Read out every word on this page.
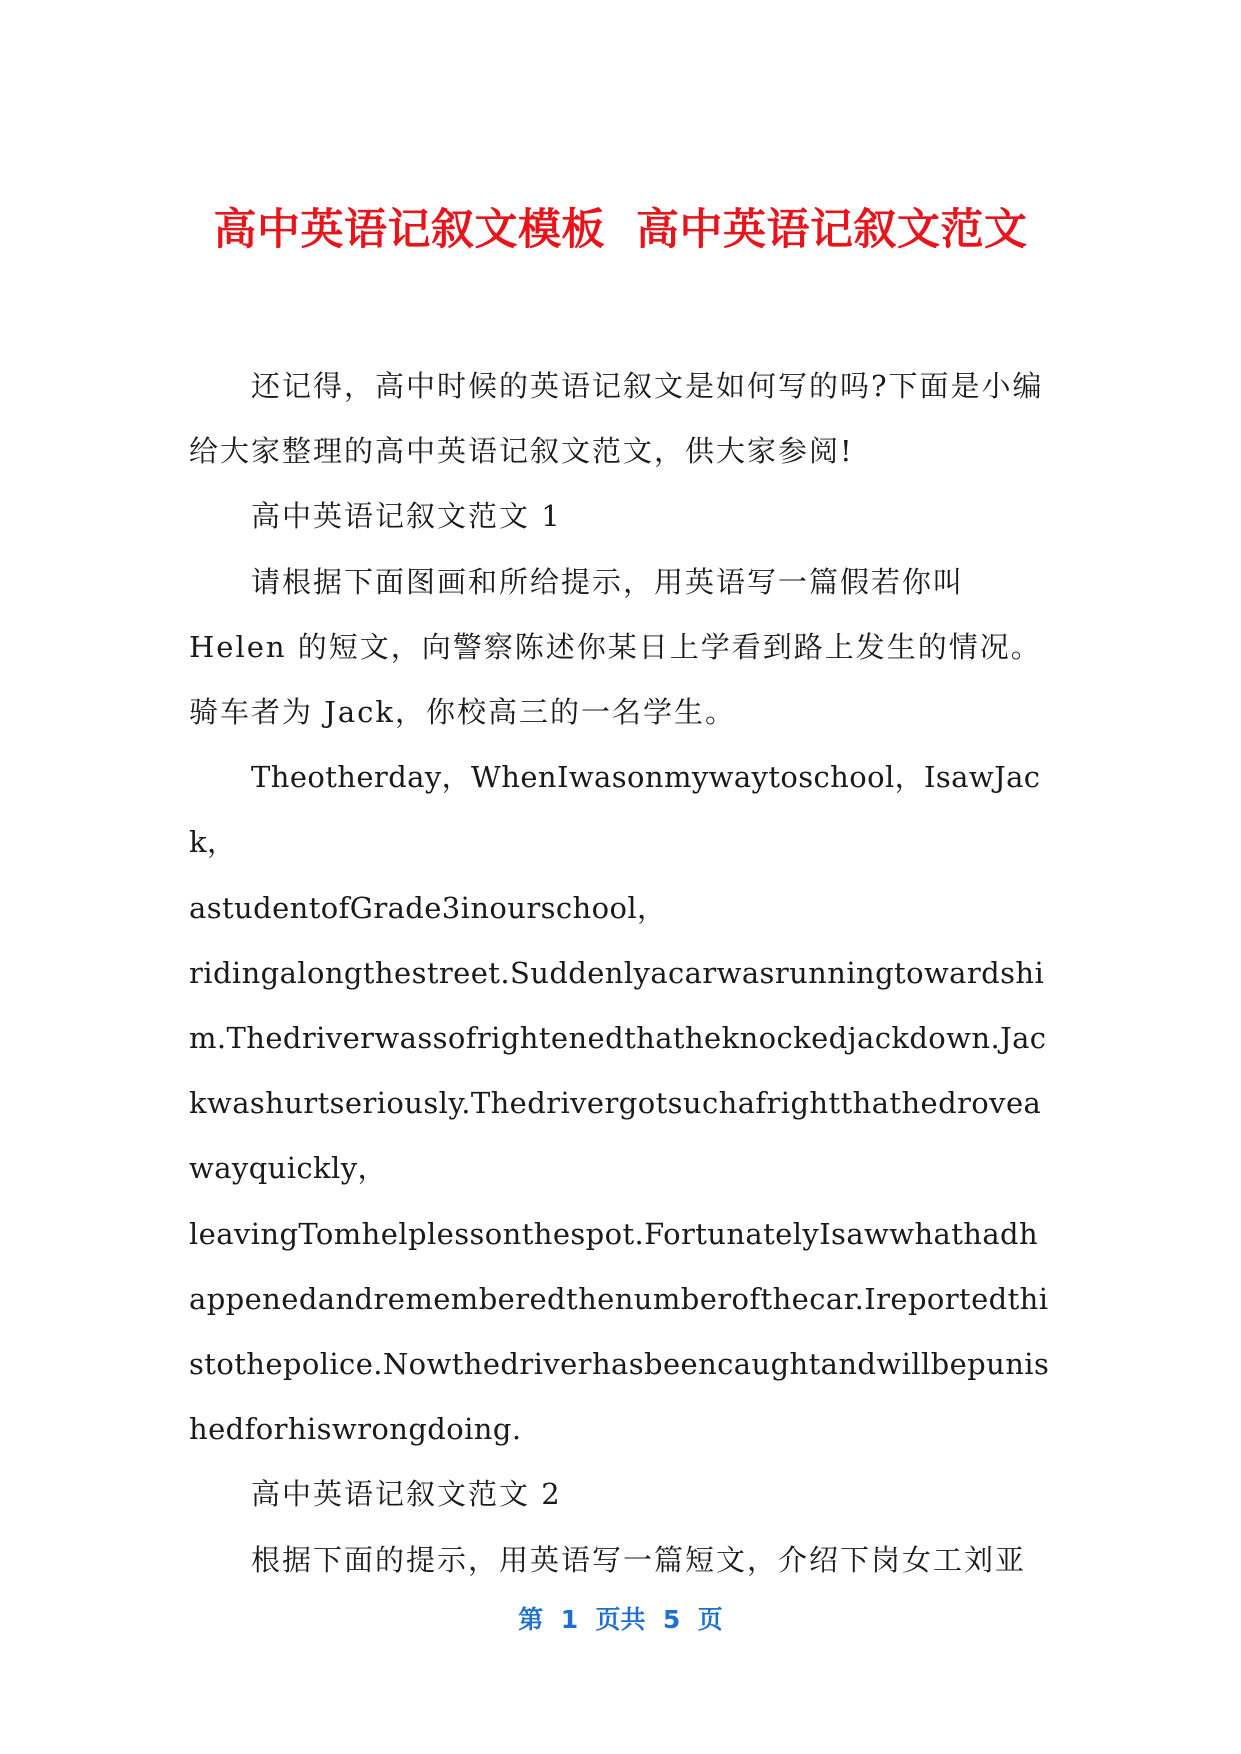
高中英语记叙文模板  高中英语记叙文范文

还记得，高中时候的英语记叙文是如何写的吗?下面是小编给大家整理的高中英语记叙文范文，供大家参阅!

高中英语记叙文范文 1

请根据下面图画和所给提示，用英语写一篇假若你叫 Helen 的短文，向警察陈述你某日上学看到路上发生的情况。骑车者为 Jack，你校高三的一名学生。

Theotherday，WhenIwasonmywaytoschool，IsawJack，

astudentofGrade3inourschool，

ridingalongthestreet.Suddenlyacarwasrunningtowardshim.Thedriverwassofrightenedthatheknockedjackdown.Jackwashurtseriously.Thedrivergotsuchafrightthathedroveawayquickly，

leavingTomhelplessonthespot.FortunatelyIsawwhathadhappenedandrememberedthenumberofthecar.Ireportedthistothepolice.Nowthedriverhasbeencaughtandwillbepunishedforhiswrongdoing.

高中英语记叙文范文 2

根据下面的提示，用英语写一篇短文，介绍下岗女工刘亚

第  1  页共  5  页
